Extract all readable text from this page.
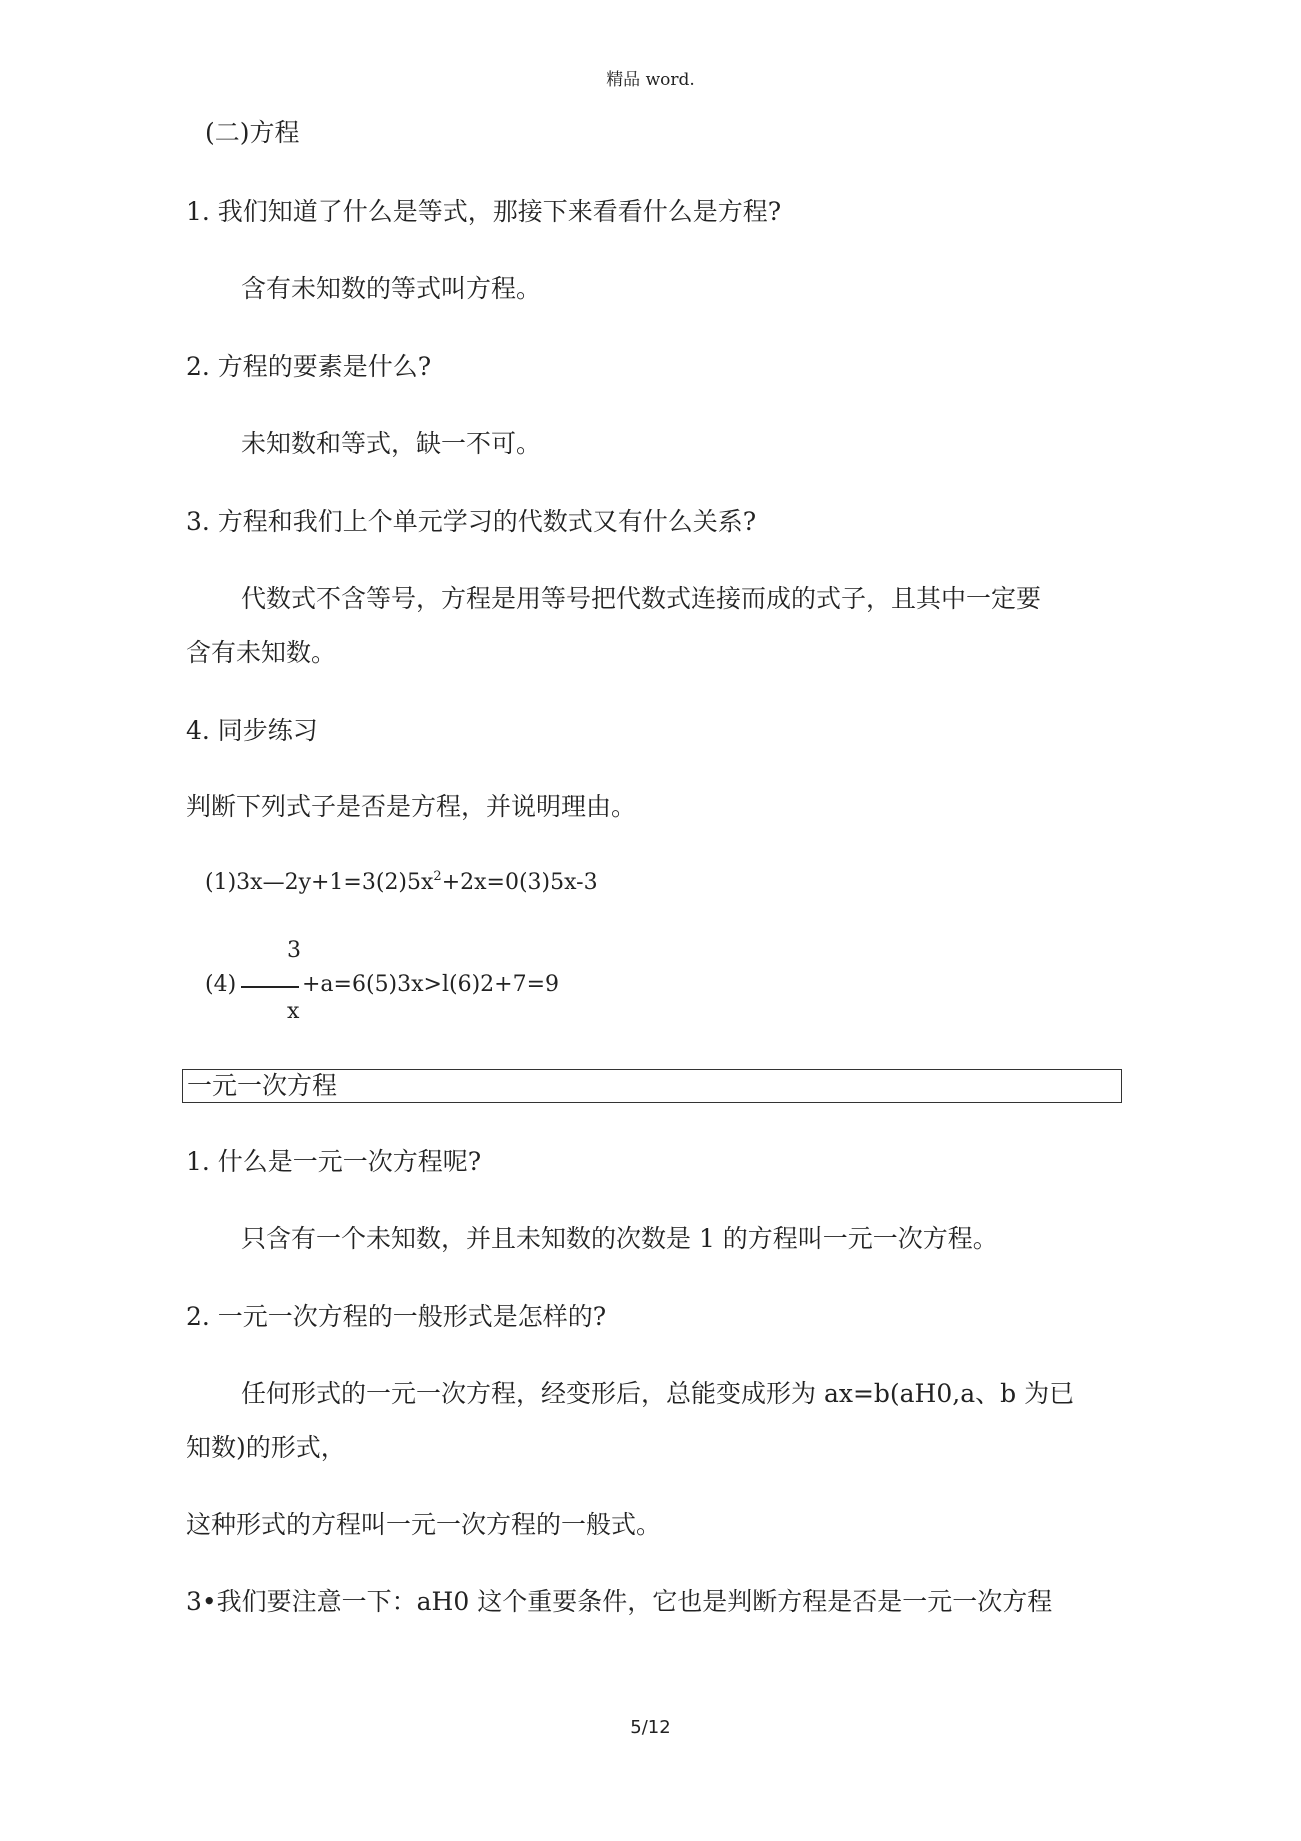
精品 word.
(二)方程
1. 我们知道了什么是等式，那接下来看看什么是方程?
含有未知数的等式叫方程。
2. 方程的要素是什么?
未知数和等式，缺一不可。
3. 方程和我们上个单元学习的代数式又有什么关系?
代数式不含等号，方程是用等号把代数式连接而成的式子，且其中一定要
含有未知数。
4. 同步练习
判断下列式子是否是方程，并说明理由。
$(1)3x—2y+1=3(2)5x^2+2x=0(3)5x-3$
(4)
3
x
+a=6(5)3x>l(6)2+7=9
一元一次方程
1. 什么是一元一次方程呢?
只含有一个未知数，并且未知数的次数是 1 的方程叫一元一次方程。
2. 一元一次方程的一般形式是怎样的?
任何形式的一元一次方程，经变形后，总能变成形为 ax=b(aH0,a、b 为已
知数)的形式，
这种形式的方程叫一元一次方程的一般式。
3•我们要注意一下：aH0 这个重要条件，它也是判断方程是否是一元一次方程
5/12
